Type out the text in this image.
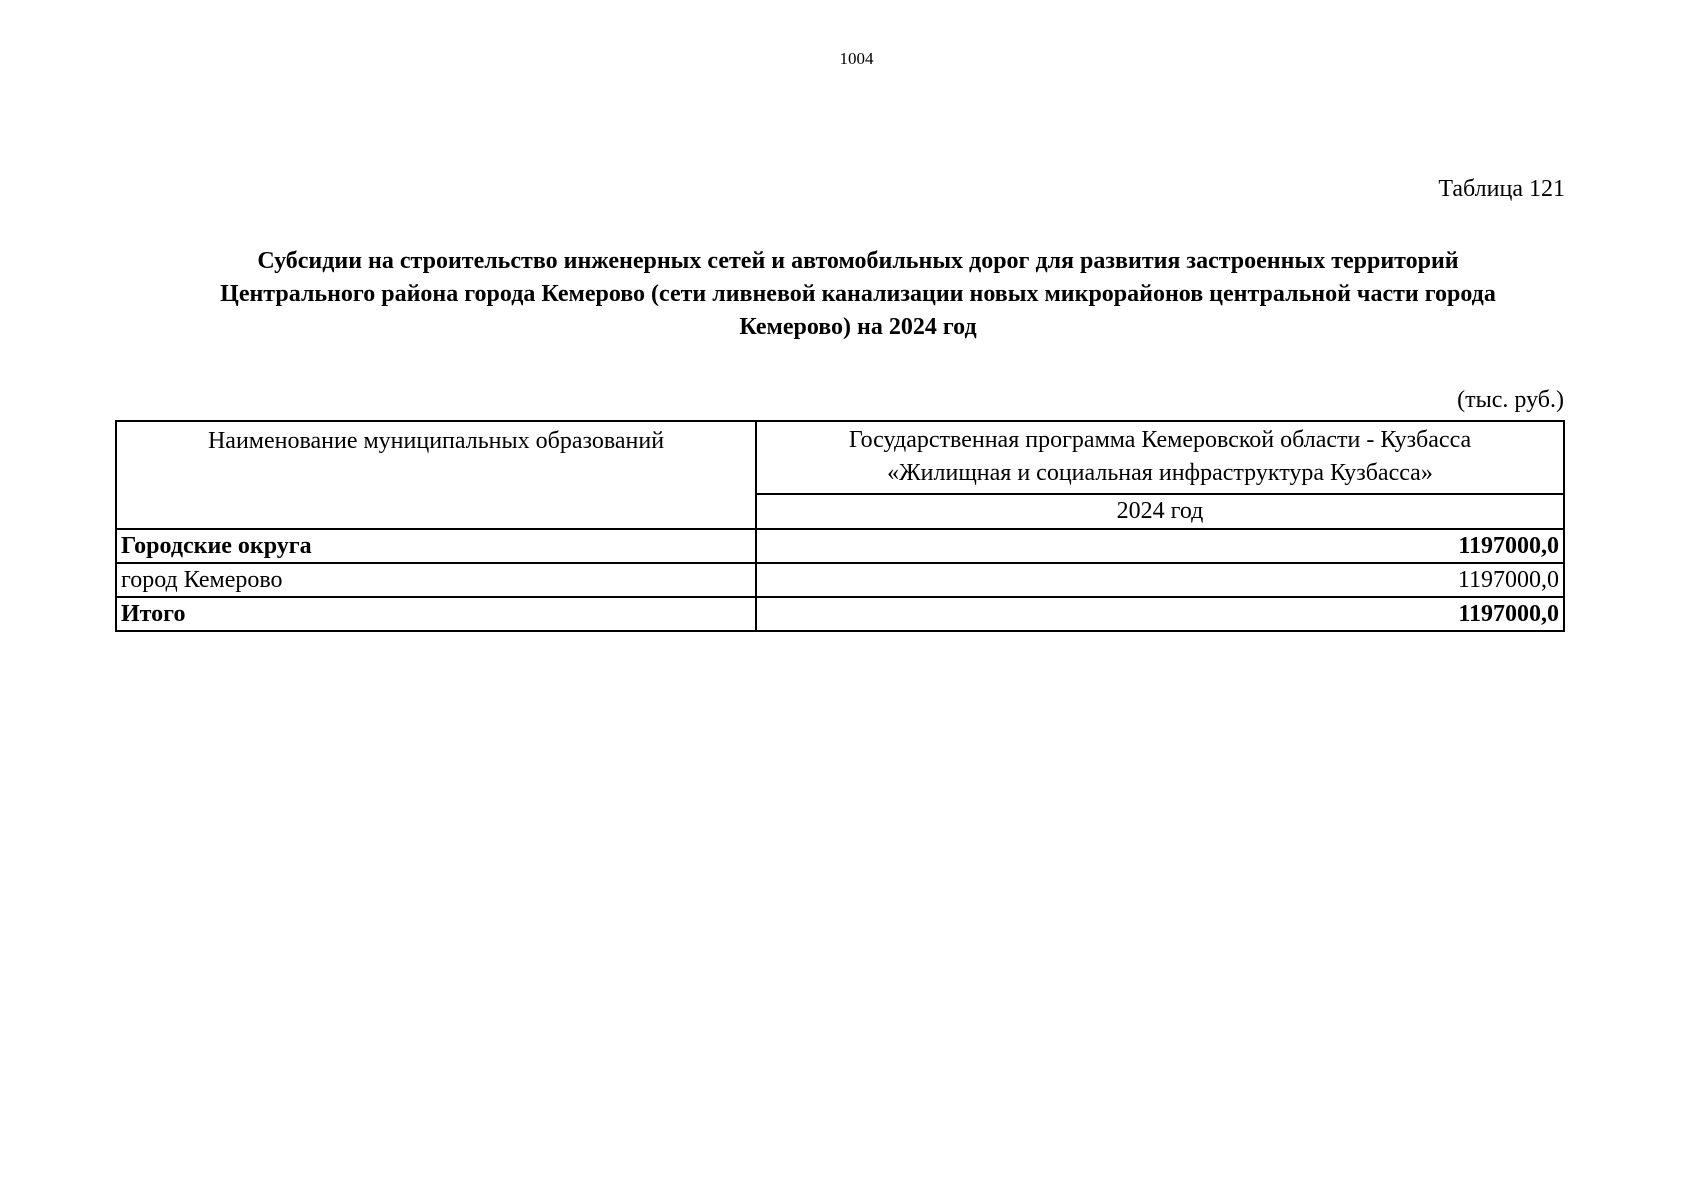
1004
Таблица 121
Субсидии на строительство инженерных сетей и автомобильных дорог для развития застроенных территорий
Центрального района города Кемерово (сети ливневой канализации новых микрорайонов центральной части города
Кемерово) на 2024 год
(тыс. руб.)
Наименование муниципальных образований	Государственная программа Кемеровской области - Кузбасса
«Жилищная и социальная инфраструктура Кузбасса»

	2024 год
Городские округа	1197000,0
город Кемерово	1197000,0
Итого	1197000,0
